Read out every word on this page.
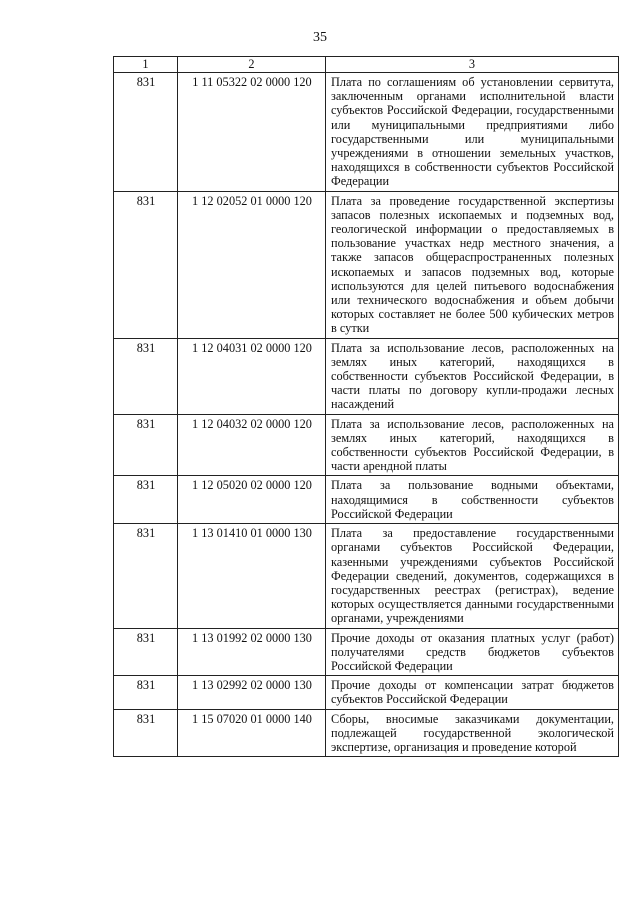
35
1	2	3
831	1 11 05322 02 0000 120	Плата по соглашениям об установлении сервитута, заключенным органами исполнительной власти субъектов Российской Федерации, государственными или муниципальными предприятиями либо государственными или муниципальными учреждениями в отношении земельных участков, находящихся в собственности субъектов Российской Федерации
831	1 12 02052 01 0000 120	Плата за проведение государственной экспертизы запасов полезных ископаемых и подземных вод, геологической информации о предоставляемых в пользование участках недр местного значения, а также запасов общераспространенных полезных ископаемых и запасов подземных вод, которые используются для целей питьевого водоснабжения или технического водоснабжения и объем добычи которых составляет не более 500 кубических метров в сутки
831	1 12 04031 02 0000 120	Плата за использование лесов, расположенных на землях иных категорий, находящихся в собственности субъектов Российской Федерации, в части платы по договору купли-продажи лесных насаждений
831	1 12 04032 02 0000 120	Плата за использование лесов, расположенных на землях иных категорий, находящихся в собственности субъектов Российской Федерации, в части арендной платы
831	1 12 05020 02 0000 120	Плата за пользование водными объектами, находящимися в собственности субъектов Российской Федерации
831	1 13 01410 01 0000 130	Плата за предоставление государственными органами субъектов Российской Федерации, казенными учреждениями субъектов Российской Федерации сведений, документов, содержащихся в государственных реестрах (регистрах), ведение которых осуществляется данными государственными органами, учреждениями
831	1 13 01992 02 0000 130	Прочие доходы от оказания платных услуг (работ) получателями средств бюджетов субъектов Российской Федерации
831	1 13 02992 02 0000 130	Прочие доходы от компенсации затрат бюджетов субъектов Российской Федерации
831	1 15 07020 01 0000 140	Сборы, вносимые заказчиками документации, подлежащей государственной экологической экспертизе, организация и проведение которой
